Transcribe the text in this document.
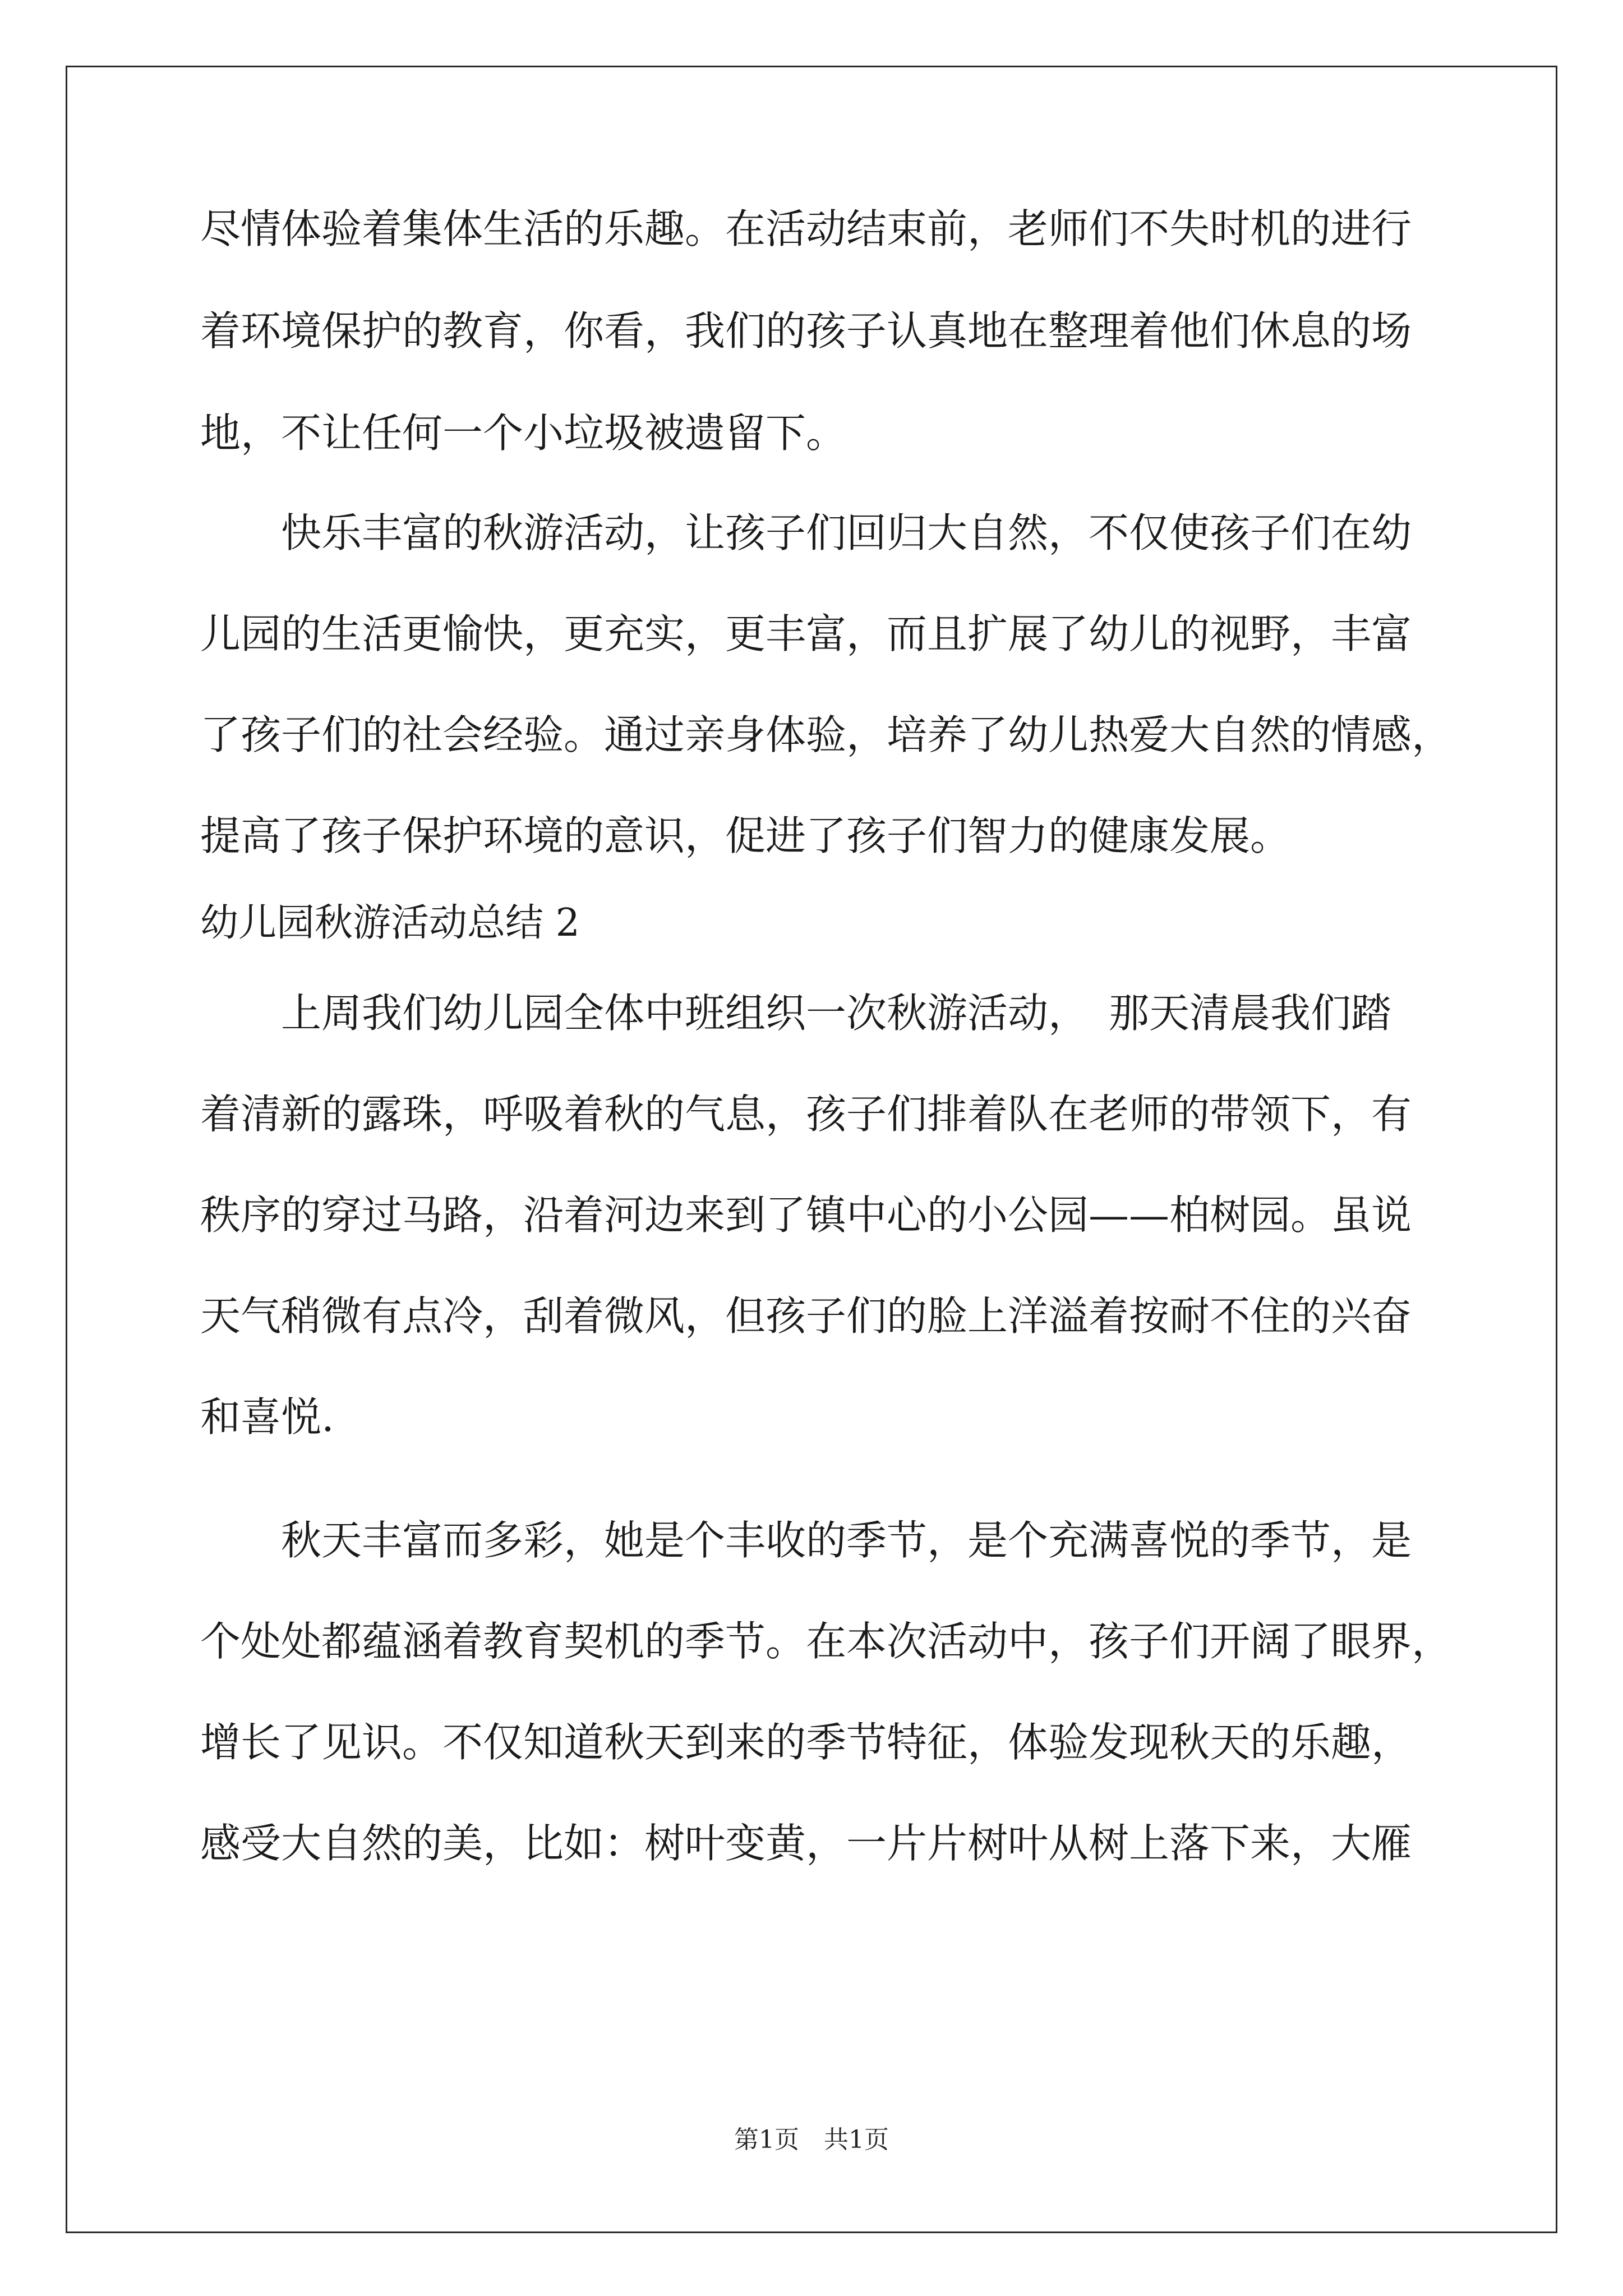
尽情体验着集体生活的乐趣。在活动结束前，老师们不失时机的进行
着环境保护的教育，你看，我们的孩子认真地在整理着他们休息的场
地，不让任何一个小垃圾被遗留下。
　　快乐丰富的秋游活动，让孩子们回归大自然，不仅使孩子们在幼
儿园的生活更愉快，更充实，更丰富，而且扩展了幼儿的视野，丰富
了孩子们的社会经验。通过亲身体验，培养了幼儿热爱大自然的情感，
提高了孩子保护环境的意识，促进了孩子们智力的健康发展。
幼儿园秋游活动总结 2
　　上周我们幼儿园全体中班组织一次秋游活动，　那天清晨我们踏
着清新的露珠，呼吸着秋的气息，孩子们排着队在老师的带领下，有
秩序的穿过马路，沿着河边来到了镇中心的小公园——柏树园。虽说
天气稍微有点冷，刮着微风，但孩子们的脸上洋溢着按耐不住的兴奋
和喜悦.
　　秋天丰富而多彩，她是个丰收的季节，是个充满喜悦的季节，是
个处处都蕴涵着教育契机的季节。在本次活动中，孩子们开阔了眼界，
增长了见识。不仅知道秋天到来的季节特征，体验发现秋天的乐趣，
感受大自然的美，比如：树叶变黄，一片片树叶从树上落下来，大雁
第1页　共1页
